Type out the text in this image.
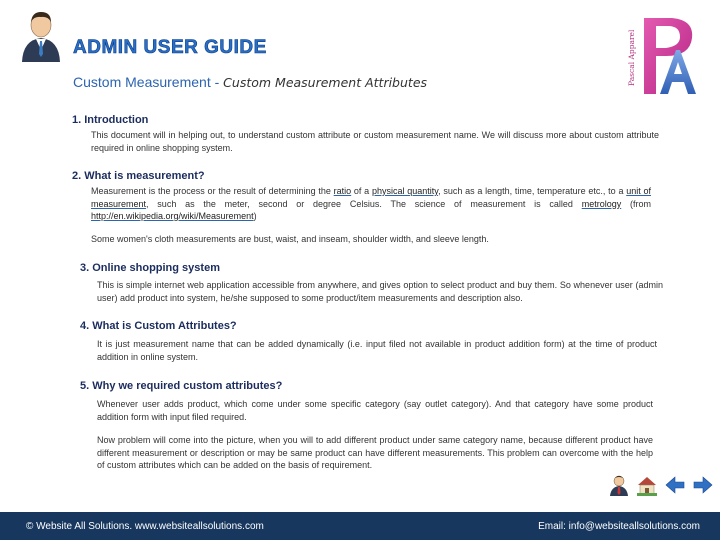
ADMIN USER GUIDE
Custom Measurement - Custom Measurement Attributes	Pascal Apparel
1. Introduction
This document will in helping out, to understand custom attribute or custom measurement name. We will discuss more about custom attribute required in online shopping system.
2. What is measurement?
Measurement is the process or the result of determining the ratio of a physical quantity, such as a length, time, temperature etc., to a unit of measurement, such as the meter, second or degree Celsius. The science of measurement is called metrology (from http://en.wikipedia.org/wiki/Measurement)
Some women's cloth measurements are bust, waist, and inseam, shoulder width, and sleeve length.
3. Online shopping system
This is simple internet web application accessible from anywhere, and gives option to select product and buy them. So whenever user (admin user) add product into system, he/she supposed to some product/item measurements and description also.
4. What is Custom Attributes?
It is just measurement name that can be added dynamically (i.e. input filed not available in product addition form) at the time of product addition in online system.
5. Why we required custom attributes?
Whenever user adds product, which come under some specific category (say outlet category). And that category have some product addition form with input filed required.
Now problem will come into the picture, when you will to add different product under same category name, because different product have different measurement or description or may be same product can have different measurements. This problem can overcome with the help of custom attributes which can be added on the basis of requirement.
© Website All Solutions. www.websiteallsolutions.com	Email: info@websiteallsolutions.com
